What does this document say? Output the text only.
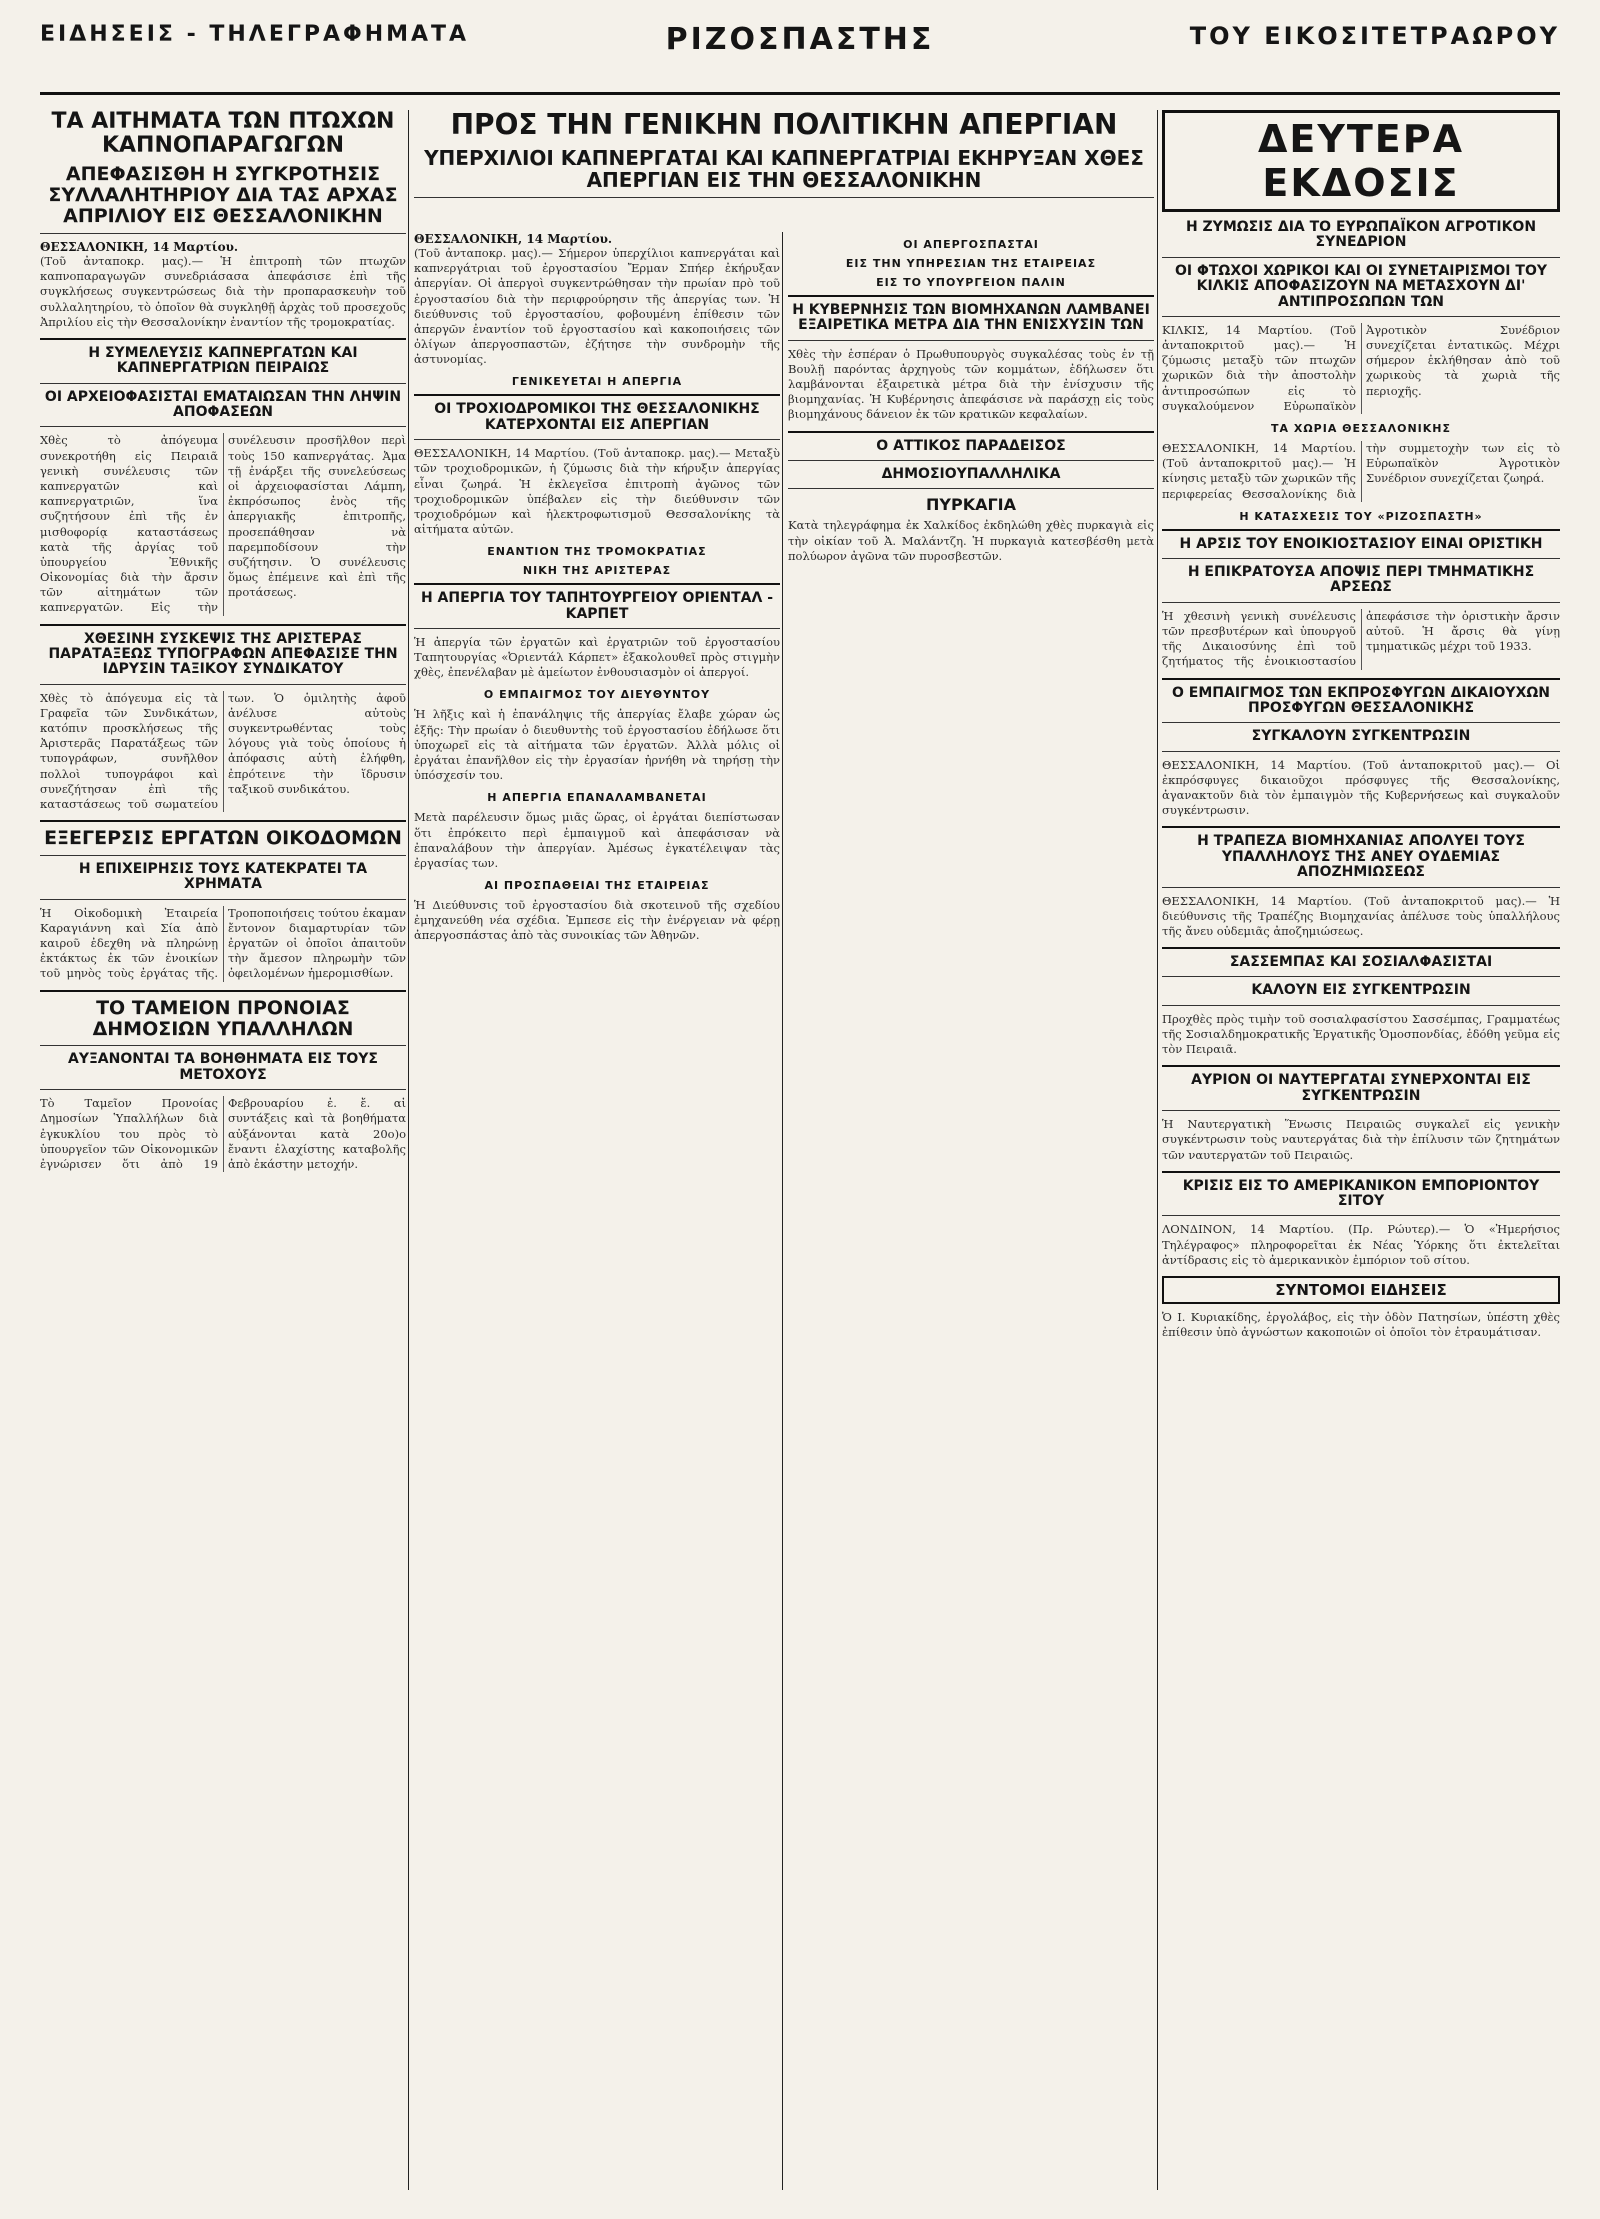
ΕΙΔΗΣΕΙΣ - ΤΗΛΕΓΡΑΦΗΜΑΤΑ	ΡΙΖΟΣΠΑΣΤΗΣ	ΤΟΥ ΕΙΚΟΣΙΤΕΤΡΑΩΡΟΥ
ΤΑ ΑΙΤΗΜΑΤΑ ΤΩΝ ΠΤΩΧΩΝ ΚΑΠΝΟΠΑΡΑΓΩΓΩΝ
ΑΠΕΦΑΣΙΣΘΗ Η ΣΥΓΚΡΟΤΗΣΙΣ ΣΥΛΛΑΛΗΤΗΡΙΟΥ ΔΙΑ ΤΑΣ ΑΡΧΑΣ ΑΠΡΙΛΙΟΥ ΕΙΣ ΘΕΣΣΑΛΟΝΙΚΗΝ
ΘΕΣΣΑΛΟΝΙΚΗ, 14 Μαρτίου.
(Τοῦ ἀνταποκρ. μας).— Ἡ ἐπιτροπὴ τῶν πτωχῶν καπνοπαραγωγῶν συνεδριάσασα ἀπεφάσισε ἐπὶ τῆς συγκλήσεως συγκεντρώσεως διὰ τὴν προπαρασκευὴν τοῦ συλλαλητηρίου, τὸ ὁποῖον θὰ συγκληθῇ ἀρχὰς τοῦ προσεχοῦς Ἀπριλίου εἰς τὴν Θεσσαλονίκην ἐναντίον τῆς τρομοκρατίας.
Η ΣΥΜΕΛΕΥΣΙΣ ΚΑΠΝΕΡΓΑΤΩΝ ΚΑΙ ΚΑΠΝΕΡΓΑΤΡΙΩΝ ΠΕΙΡΑΙΩΣ
ΟΙ ΑΡΧΕΙΟΦΑΣΙΣΤΑΙ ΕΜΑΤΑΙΩΣΑΝ ΤΗΝ ΛΗΨΙΝ ΑΠΟΦΑΣΕΩΝ
Χθὲς τὸ ἀπόγευμα συνεκροτήθη εἰς Πειραιᾶ γενικὴ συνέλευσις τῶν καπνεργατῶν καὶ καπνεργατριῶν, ἵνα συζητήσουν ἐπὶ τῆς ἐν μισθοφορίᾳ καταστάσεως κατὰ τῆς ἀργίας τοῦ ὑπουργείου Ἐθνικῆς Οἰκονομίας διὰ τὴν ἄρσιν τῶν αἰτημάτων τῶν καπνεργατῶν. Εἰς τὴν συνέλευσιν προσῆλθον περὶ τοὺς 150 καπνεργάτας. Ἀμα τῇ ἐνάρξει τῆς συνελεύσεως οἱ ἀρχειοφασίσται Λάμπη, ἐκπρόσωπος ἐνὸς τῆς ἀπεργιακῆς ἐπιτροπῆς, προσεπάθησαν νὰ παρεμποδίσουν τὴν συζήτησιν. Ὁ συνέλευσις ὅμως ἐπέμεινε καὶ ἐπὶ τῆς προτάσεως.
ΧΘΕΣΙΝΗ ΣΥΣΚΕΨΙΣ ΤΗΣ ΑΡΙΣΤΕΡΑΣ ΠΑΡΑΤΑΞΕΩΣ ΤΥΠΟΓΡΑΦΩΝ ΑΠΕΦΑΣΙΣΕ ΤΗΝ ΙΔΡΥΣΙΝ ΤΑΞΙΚΟΥ ΣΥΝΔΙΚΑΤΟΥ
Χθὲς τὸ ἀπόγευμα εἰς τὰ Γραφεῖα τῶν Συνδικάτων, κατόπιν προσκλήσεως τῆς Ἀριστερᾶς Παρατάξεως τῶν τυπογράφων, συνῆλθον πολλοὶ τυπογράφοι καὶ συνεζήτησαν ἐπὶ τῆς καταστάσεως τοῦ σωματείου των. Ὁ ὁμιλητὴς ἀφοῦ ἀνέλυσε αὐτοὺς συγκεντρωθέντας τοὺς λόγους γιὰ τοὺς ὁποίους ἡ ἀπόφασις αὐτὴ ἐλήφθη, ἐπρότεινε τὴν ἵδρυσιν ταξικοῦ συνδικάτου.
ΕΞΕΓΕΡΣΙΣ ΕΡΓΑΤΩΝ ΟΙΚΟΔΟΜΩΝ
Η ΕΠΙΧΕΙΡΗΣΙΣ ΤΟΥΣ ΚΑΤΕΚΡΑΤΕΙ ΤΑ ΧΡΗΜΑΤΑ
Ἡ Οἰκοδομικὴ Ἑταιρεία Καραγιάννη καὶ Σία ἀπὸ καιροῦ ἐδεχθη νὰ πληρώνῃ ἐκτάκτως ἐκ τῶν ἐνοικίων τοῦ μηνὸς τοὺς ἐργάτας τῆς. Τροποποιήσεις τούτου ἐκαμαν ἔντονον διαμαρτυρίαν τῶν ἐργατῶν οἱ ὁποῖοι ἀπαιτοῦν τὴν ἄμεσον πληρωμὴν τῶν ὀφειλομένων ἡμερομισθίων.
ΤΟ ΤΑΜΕΙΟΝ ΠΡΟΝΟΙΑΣ ΔΗΜΟΣΙΩΝ ΥΠΑΛΛΗΛΩΝ
ΑΥΞΑΝΟΝΤΑΙ ΤΑ ΒΟΗΘΗΜΑΤΑ ΕΙΣ ΤΟΥΣ ΜΕΤΟΧΟΥΣ
Τὸ Ταμεῖον Προνοίας Δημοσίων Ὑπαλλήλων διὰ ἐγκυκλίου του πρὸς τὸ ὑπουργεῖον τῶν Οἰκονομικῶν ἐγνώρισεν ὅτι ἀπὸ 19 Φεβρουαρίου ἐ. ἔ. αἱ συντάξεις καὶ τὰ βοηθήματα αὐξάνονται κατὰ 20ο)ο ἔναντι ἐλαχίστης καταβολῆς ἀπὸ ἐκάστην μετοχήν.
ΠΡΟΣ ΤΗΝ ΓΕΝΙΚΗΝ ΠΟΛΙΤΙΚΗΝ ΑΠΕΡΓΙΑΝ
ΥΠΕΡΧΙΛΙΟΙ ΚΑΠΝΕΡΓΑΤΑΙ ΚΑΙ ΚΑΠΝΕΡΓΑΤΡΙΑΙ ΕΚΗΡΥΞΑΝ ΧΘΕΣ ΑΠΕΡΓΙΑΝ ΕΙΣ ΤΗΝ ΘΕΣΣΑΛΟΝΙΚΗΝ
ΘΕΣΣΑΛΟΝΙΚΗ, 14 Μαρτίου.
(Τοῦ ἀνταποκρ. μας).— Σήμερον ὑπερχίλιοι καπνεργάται καὶ καπνεργάτριαι τοῦ ἐργοστασίου Ἔρμαν Σπήερ ἐκήρυξαν ἀπεργίαν. Οἱ ἀπεργοὶ συγκεντρώθησαν τὴν πρωίαν πρὸ τοῦ ἐργοστασίου διὰ τὴν περιφρούρησιν τῆς ἀπεργίας των. Ἡ διεύθυνσις τοῦ ἐργοστασίου, φοβουμένη ἐπίθεσιν τῶν ἀπεργῶν ἐναντίον τοῦ ἐργοστασίου καὶ κακοποιήσεις τῶν ὀλίγων ἀπεργοσπαστῶν, ἐζήτησε τὴν συνδρομὴν τῆς ἀστυνομίας.
ΓΕΝΙΚΕΥΕΤΑΙ Η ΑΠΕΡΓΙΑ
ΟΙ ΤΡΟΧΙΟΔΡΟΜΙΚΟΙ ΤΗΣ ΘΕΣΣΑΛΟΝΙΚΗΣ ΚΑΤΕΡΧΟΝΤΑΙ ΕΙΣ ΑΠΕΡΓΙΑΝ
ΘΕΣΣΑΛΟΝΙΚΗ, 14 Μαρτίου. (Τοῦ ἀνταποκρ. μας).— Μεταξὺ τῶν τροχιοδρομικῶν, ἡ ζύμωσις διὰ τὴν κήρυξιν ἀπεργίας εἶναι ζωηρά. Ἡ ἐκλεγεῖσα ἐπιτροπὴ ἀγῶνος τῶν τροχιοδρομικῶν ὑπέβαλεν εἰς τὴν διεύθυνσιν τῶν τροχιοδρόμων καὶ ἠλεκτροφωτισμοῦ Θεσσαλονίκης τὰ αἰτήματα αὐτῶν.
ΕΝΑΝΤΙΟΝ ΤΗΣ ΤΡΟΜΟΚΡΑΤΙΑΣ
ΝΙΚΗ ΤΗΣ ΑΡΙΣΤΕΡΑΣ
Η ΑΠΕΡΓΙΑ ΤΟΥ ΤΑΠΗΤΟΥΡΓΕΙΟΥ ΟΡΙΕΝΤΑΛ - ΚΑΡΠΕΤ
Ἡ ἀπεργία τῶν ἐργατῶν καὶ ἐργατριῶν τοῦ ἐργοστασίου Ταπητουργίας «Ὀριεντάλ Κάρπετ» ἐξακολουθεῖ πρὸς στιγμὴν χθὲς, ἐπενέλαβαν μὲ ἀμείωτον ἐνθουσιασμὸν οἱ ἀπεργοί.
Ο ΕΜΠΑΙΓΜΟΣ ΤΟΥ ΔΙΕΥΘΥΝΤΟΥ
Ἡ λῆξις καὶ ἡ ἐπανάληψις τῆς ἀπεργίας ἔλαβε χώραν ὡς ἑξῆς: Τὴν πρωίαν ὁ διευθυντὴς τοῦ ἐργοστασίου ἐδήλωσε ὅτι ὑποχωρεῖ εἰς τὰ αἰτήματα τῶν ἐργατῶν. Ἀλλὰ μόλις οἱ ἐργάται ἐπανῆλθον εἰς τὴν ἐργασίαν ἠρνήθη νὰ τηρήσῃ τὴν ὑπόσχεσίν του.
Η ΑΠΕΡΓΙΑ ΕΠΑΝΑΛΑΜΒΑΝΕΤΑΙ
Μετὰ παρέλευσιν ὅμως μιᾶς ὥρας, οἱ ἐργάται διεπίστωσαν ὅτι ἐπρόκειτο περὶ ἐμπαιγμοῦ καὶ ἀπεφάσισαν νὰ ἐπαναλάβουν τὴν ἀπεργίαν. Ἀμέσως ἐγκατέλειψαν τὰς ἐργασίας των.
ΑΙ ΠΡΟΣΠΑΘΕΙΑΙ ΤΗΣ ΕΤΑΙΡΕΙΑΣ
Ἡ Διεύθυνσις τοῦ ἐργοστασίου διὰ σκοτεινοῦ τῆς σχεδίου ἐμηχανεύθη νέα σχέδια. Ἐμπεσε εἰς τὴν ἐνέργειαν νὰ φέρῃ ἀπεργοσπάστας ἀπὸ τὰς συνοικίας τῶν Ἀθηνῶν.
ΟΙ ΑΠΕΡΓΟΣΠΑΣΤΑΙ
ΕΙΣ ΤΗΝ ΥΠΗΡΕΣΙΑΝ ΤΗΣ ΕΤΑΙΡΕΙΑΣ
ΕΙΣ ΤΟ ΥΠΟΥΡΓΕΙΟΝ ΠΑΛΙΝ
Η ΚΥΒΕΡΝΗΣΙΣ ΤΩΝ ΒΙΟΜΗΧΑΝΩΝ ΛΑΜΒΑΝΕΙ ΕΞΑΙΡΕΤΙΚΑ ΜΕΤΡΑ ΔΙΑ ΤΗΝ ΕΝΙΣΧΥΣΙΝ ΤΩΝ
Χθὲς τὴν ἑσπέραν ὁ Πρωθυπουργὸς συγκαλέσας τοὺς ἐν τῇ Βουλῇ παρόντας ἀρχηγοὺς τῶν κομμάτων, ἐδήλωσεν ὅτι λαμβάνονται ἐξαιρετικὰ μέτρα διὰ τὴν ἐνίσχυσιν τῆς βιομηχανίας. Ἡ Κυβέρνησις ἀπεφάσισε νὰ παράσχῃ εἰς τοὺς βιομηχάνους δάνειον ἐκ τῶν κρατικῶν κεφαλαίων.
Ο ΑΤΤΙΚΟΣ ΠΑΡΑΔΕΙΣΟΣ
ΔΗΜΟΣΙΟΥΠΑΛΛΗΛΙΚΑ
ΠΥΡΚΑΓΙΑ
Κατὰ τηλεγράφημα ἐκ Χαλκίδος ἐκδηλώθη χθὲς πυρκαγιὰ εἰς τὴν οἰκίαν τοῦ Ἀ. Μαλάντζη. Ἡ πυρκαγιὰ κατεσβέσθη μετὰ πολύωρον ἀγῶνα τῶν πυροσβεστῶν.
ΔΕΥΤΕΡΑ ΕΚΔΟΣΙΣ
Η ΖΥΜΩΣΙΣ ΔΙΑ ΤΟ ΕΥΡΩΠΑΪΚΟΝ ΑΓΡΟΤΙΚΟΝ ΣΥΝΕΔΡΙΟΝ
ΟΙ ΦΤΩΧΟΙ ΧΩΡΙΚΟΙ ΚΑΙ ΟΙ ΣΥΝΕΤΑΙΡΙΣΜΟΙ ΤΟΥ ΚΙΛΚΙΣ ΑΠΟΦΑΣΙΖΟΥΝ ΝΑ ΜΕΤΑΣΧΟΥΝ ΔΙ' ΑΝΤΙΠΡΟΣΩΠΩΝ ΤΩΝ
ΚΙΛΚΙΣ, 14 Μαρτίου. (Τοῦ ἀνταποκριτοῦ μας).— Ἡ ζύμωσις μεταξὺ τῶν πτωχῶν χωρικῶν διὰ τὴν ἀποστολὴν ἀντιπροσώπων εἰς τὸ συγκαλούμενον Εὐρωπαϊκὸν Ἀγροτικὸν Συνέδριον συνεχίζεται ἐντατικῶς. Μέχρι σήμερον ἐκλήθησαν ἀπὸ τοῦ χωρικοὺς τὰ χωριὰ τῆς περιοχῆς.
ΤΑ ΧΩΡΙΑ ΘΕΣΣΑΛΟΝΙΚΗΣ
ΘΕΣΣΑΛΟΝΙΚΗ, 14 Μαρτίου. (Τοῦ ἀνταποκριτοῦ μας).— Ἡ κίνησις μεταξὺ τῶν χωρικῶν τῆς περιφερείας Θεσσαλονίκης διὰ τὴν συμμετοχὴν των εἰς τὸ Εὐρωπαϊκὸν Ἀγροτικὸν Συνέδριον συνεχίζεται ζωηρά.
Η ΚΑΤΑΣΧΕΣΙΣ ΤΟΥ «ΡΙΖΟΣΠΑΣΤΗ»
Η ΑΡΣΙΣ ΤΟΥ ΕΝΟΙΚΙΟΣΤΑΣΙΟΥ ΕΙΝΑΙ ΟΡΙΣΤΙΚΗ
Η ΕΠΙΚΡΑΤΟΥΣΑ ΑΠΟΨΙΣ ΠΕΡΙ ΤΜΗΜΑΤΙΚΗΣ ΑΡΣΕΩΣ
Ἡ χθεσινὴ γενικὴ συνέλευσις τῶν πρεσβυτέρων καὶ ὑπουργοῦ τῆς Δικαιοσύνης ἐπὶ τοῦ ζητήματος τῆς ἐνοικιοστασίου ἀπεφάσισε τὴν ὁριστικὴν ἄρσιν αὐτοῦ. Ἡ ἄρσις θὰ γίνῃ τμηματικῶς μέχρι τοῦ 1933.
Ο ΕΜΠΑΙΓΜΟΣ ΤΩΝ ΕΚΠΡΟΣΦΥΓΩΝ ΔΙΚΑΙΟΥΧΩΝ ΠΡΟΣΦΥΓΩΝ ΘΕΣΣΑΛΟΝΙΚΗΣ
ΣΥΓΚΑΛΟΥΝ ΣΥΓΚΕΝΤΡΩΣΙΝ
ΘΕΣΣΑΛΟΝΙΚΗ, 14 Μαρτίου. (Τοῦ ἀνταποκριτοῦ μας).— Οἱ ἐκπρόσφυγες δικαιοῦχοι πρόσφυγες τῆς Θεσσαλονίκης, ἀγανακτοῦν διὰ τὸν ἐμπαιγμὸν τῆς Κυβερνήσεως καὶ συγκαλοῦν συγκέντρωσιν.
Η ΤΡΑΠΕΖΑ ΒΙΟΜΗΧΑΝΙΑΣ ΑΠΟΛΥΕΙ ΤΟΥΣ ΥΠΑΛΛΗΛΟΥΣ ΤΗΣ ΑΝΕΥ ΟΥΔΕΜΙΑΣ ΑΠΟΖΗΜΙΩΣΕΩΣ
ΘΕΣΣΑΛΟΝΙΚΗ, 14 Μαρτίου. (Τοῦ ἀνταποκριτοῦ μας).— Ἡ διεύθυνσις τῆς Τραπέζης Βιομηχανίας ἀπέλυσε τοὺς ὑπαλλήλους τῆς ἄνευ οὐδεμιᾶς ἀποζημιώσεως.
ΣΑΣΣΕΜΠΑΣ ΚΑΙ ΣΟΣΙΑΛΦΑΣΙΣΤΑΙ
ΚΑΛΟΥΝ ΕΙΣ ΣΥΓΚΕΝΤΡΩΣΙΝ
Προχθὲς πρὸς τιμὴν τοῦ σοσιαλφασίστου Σασσέμπας, Γραμματέως τῆς Σοσιαλδημοκρατικῆς Ἐργατικῆς Ὁμοσπονδίας, ἐδόθη γεῦμα εἰς τὸν Πειραιᾶ.
ΑΥΡΙΟΝ ΟΙ ΝΑΥΤΕΡΓΑΤΑΙ ΣΥΝΕΡΧΟΝΤΑΙ ΕΙΣ ΣΥΓΚΕΝΤΡΩΣΙΝ
Ἡ Ναυτεργατικὴ Ἕνωσις Πειραιῶς συγκαλεῖ εἰς γενικὴν συγκέντρωσιν τοὺς ναυτεργάτας διὰ τὴν ἐπίλυσιν τῶν ζητημάτων τῶν ναυτεργατῶν τοῦ Πειραιῶς.
ΚΡΙΣΙΣ ΕΙΣ ΤΟ ΑΜΕΡΙΚΑΝΙΚΟΝ ΕΜΠΟΡΙΟΝΤΟΥ ΣΙΤΟΥ
ΛΟΝΔΙΝΟΝ, 14 Μαρτίου. (Πρ. Ρώυτερ).— Ὁ «Ἡμερήσιος Τηλέγραφος» πληροφορεῖται ἐκ Νέας Ὑόρκης ὅτι ἐκτελεῖται ἀντίδρασις εἰς τὸ ἀμερικανικὸν ἐμπόριον τοῦ σίτου.
ΣΥΝΤΟΜΟΙ ΕΙΔΗΣΕΙΣ
Ὁ Ι. Κυριακίδης, ἐργολάβος, εἰς τὴν ὁδὸν Πατησίων, ὑπέστη χθὲς ἐπίθεσιν ὑπὸ ἀγνώστων κακοποιῶν οἱ ὁποῖοι τὸν ἐτραυμάτισαν.
